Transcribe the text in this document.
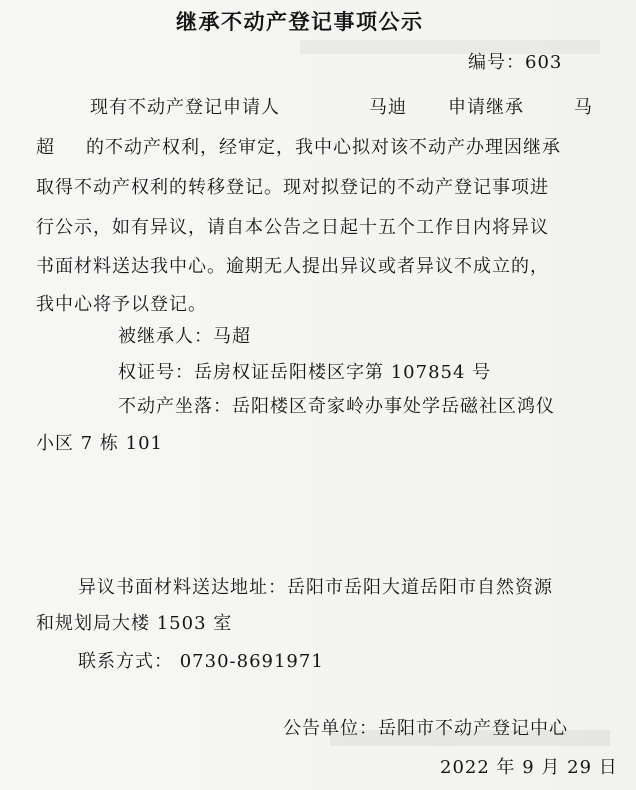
继承不动产登记事项公示
编号：603
现有不动产登记申请人	马迪 申请继承	马
超 的不动产权利，经审定，我中心拟对该不动产办理因继承
取得不动产权利的转移登记。现对拟登记的不动产登记事项进
行公示，如有异议，请自本公告之日起十五个工作日内将异议
书面材料送达我中心。逾期无人提出异议或者异议不成立的，
我中心将予以登记。
被继承人：马超
权证号：岳房权证岳阳楼区字第 107854 号
不动产坐落：岳阳楼区奇家岭办事处学岳磁社区鸿仪
小区 7 栋 101
异议书面材料送达地址：岳阳市岳阳大道岳阳市自然资源
和规划局大楼 1503 室
联系方式： 0730-8691971
公告单位：岳阳市不动产登记中心
2022 年 9 月 29 日
